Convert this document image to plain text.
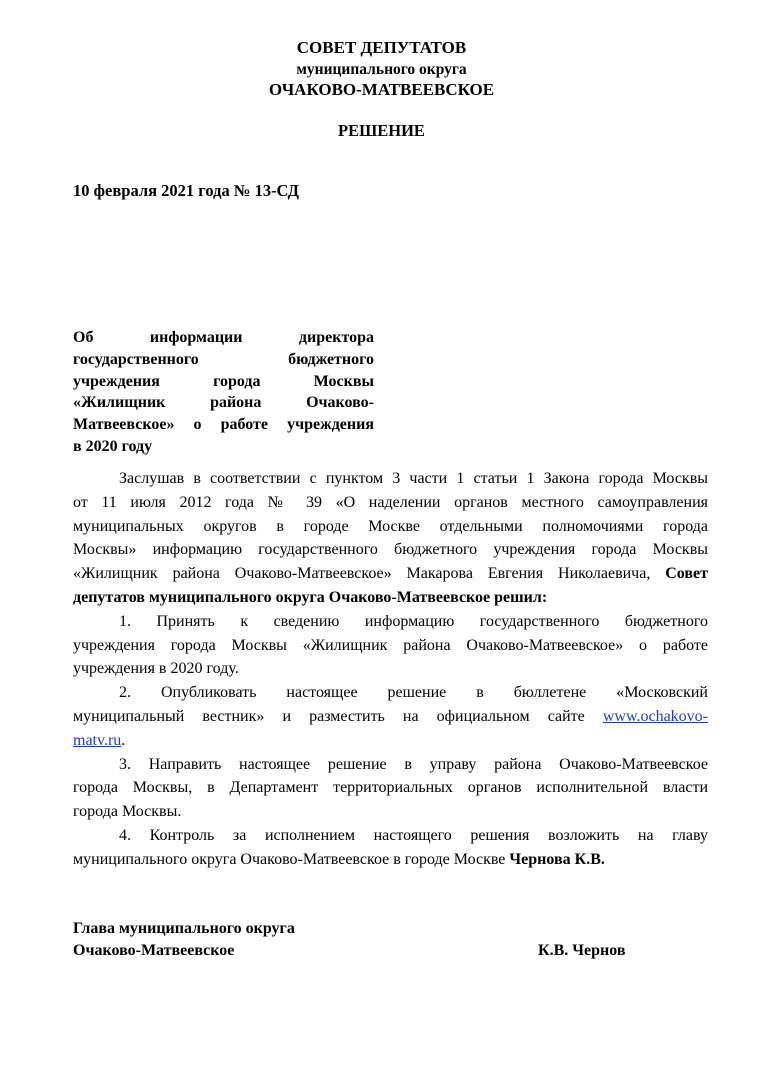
СОВЕТ ДЕПУТАТОВ
муниципального округа
ОЧАКОВО-МАТВЕЕВСКОЕ
РЕШЕНИЕ
10 февраля 2021 года № 13-СД
Об информации директора
государственного бюджетного
учреждения города Москвы
«Жилищник района Очаково-
Матвеевское» о работе учреждения
в 2020 году
Заслушав в соответствии с пунктом 3 части 1 статьи 1 Закона города Москвы
от 11 июля 2012 года № 39 «О наделении органов местного самоуправления
муниципальных округов в городе Москве отдельными полномочиями города
Москвы» информацию государственного бюджетного учреждения города Москвы
«Жилищник района Очаково-Матвеевское» Макарова Евгения Николаевича, Совет
депутатов муниципального округа Очаково-Матвеевское решил:
1. Принять к сведению информацию государственного бюджетного
учреждения города Москвы «Жилищник района Очаково-Матвеевское» о работе
учреждения в 2020 году.
2. Опубликовать настоящее решение в бюллетене «Московский
муниципальный вестник» и разместить на официальном сайте www.ochakovo-
matv.ru.
3. Направить настоящее решение в управу района Очаково-Матвеевское
города Москвы, в Департамент территориальных органов исполнительной власти
города Москвы.
4. Контроль за исполнением настоящего решения возложить на главу
муниципального округа Очаково-Матвеевское в городе Москве Чернова К.В.
Глава муниципального округа
Очаково-Матвеевское	К.В. Чернов
